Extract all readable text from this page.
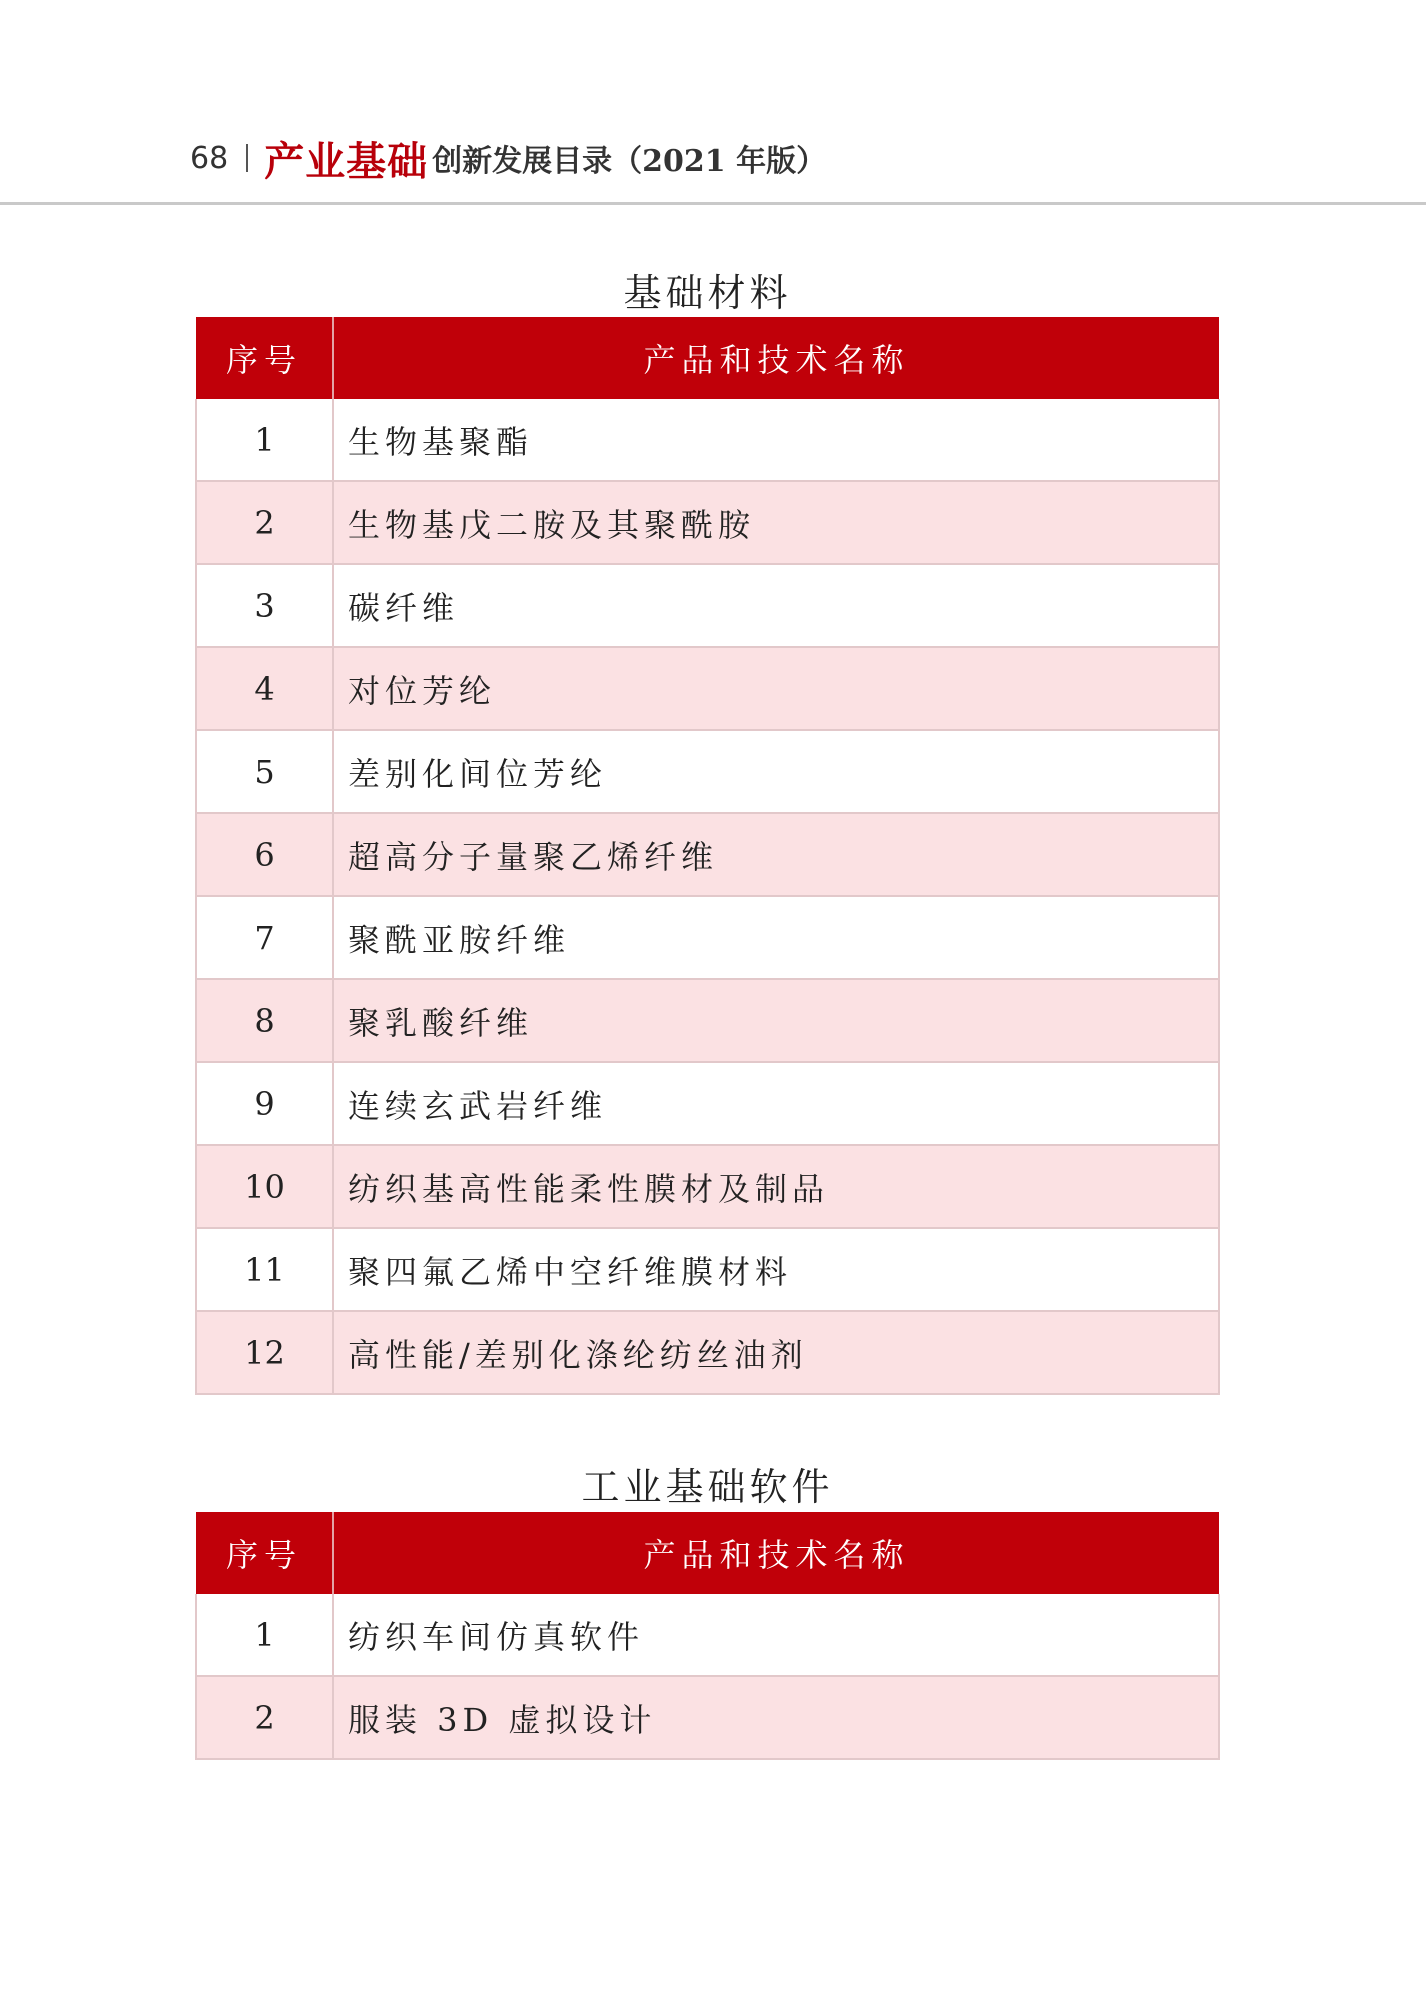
68 产业基础 创新发展目录（2021 年版）
基础材料
序号	产品和技术名称
1	生物基聚酯
2	生物基戊二胺及其聚酰胺
3	碳纤维
4	对位芳纶
5	差别化间位芳纶
6	超高分子量聚乙烯纤维
7	聚酰亚胺纤维
8	聚乳酸纤维
9	连续玄武岩纤维
10	纺织基高性能柔性膜材及制品
11	聚四氟乙烯中空纤维膜材料
12	高性能/差别化涤纶纺丝油剂
工业基础软件
序号	产品和技术名称
1	纺织车间仿真软件
2	服装 3D 虚拟设计
